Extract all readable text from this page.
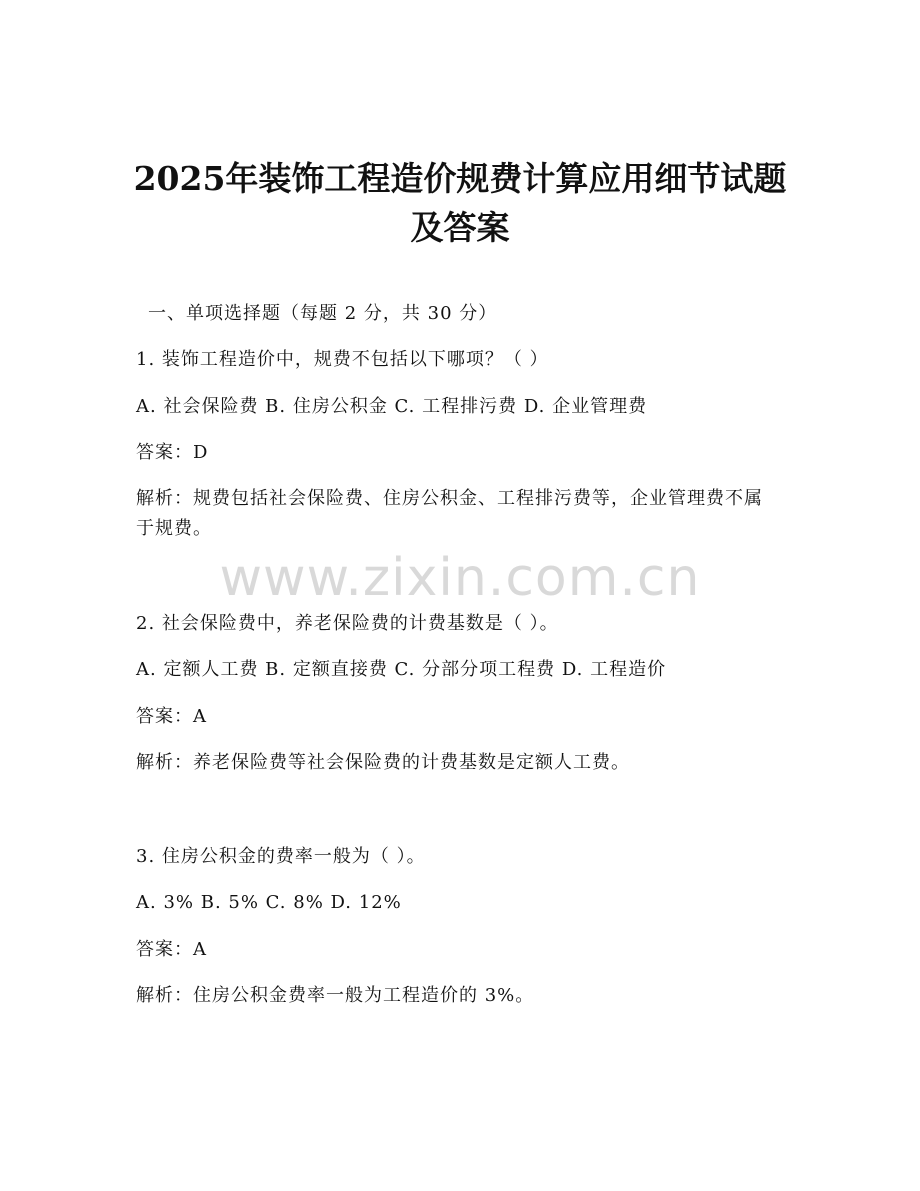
2025年装饰工程造价规费计算应用细节试题
及答案
一、单项选择题（每题 2 分，共 30 分）
1. 装饰工程造价中，规费不包括以下哪项？（ ）
A. 社会保险费 B. 住房公积金 C. 工程排污费 D. 企业管理费
答案：D
解析：规费包括社会保险费、住房公积金、工程排污费等，企业管理费不属于规费。
www.zixin.com.cn
2. 社会保险费中，养老保险费的计费基数是（ ）。
A. 定额人工费 B. 定额直接费 C. 分部分项工程费 D. 工程造价
答案：A
解析：养老保险费等社会保险费的计费基数是定额人工费。
3. 住房公积金的费率一般为（ ）。
A. 3% B. 5% C. 8% D. 12%
答案：A
解析：住房公积金费率一般为工程造价的 3%。
